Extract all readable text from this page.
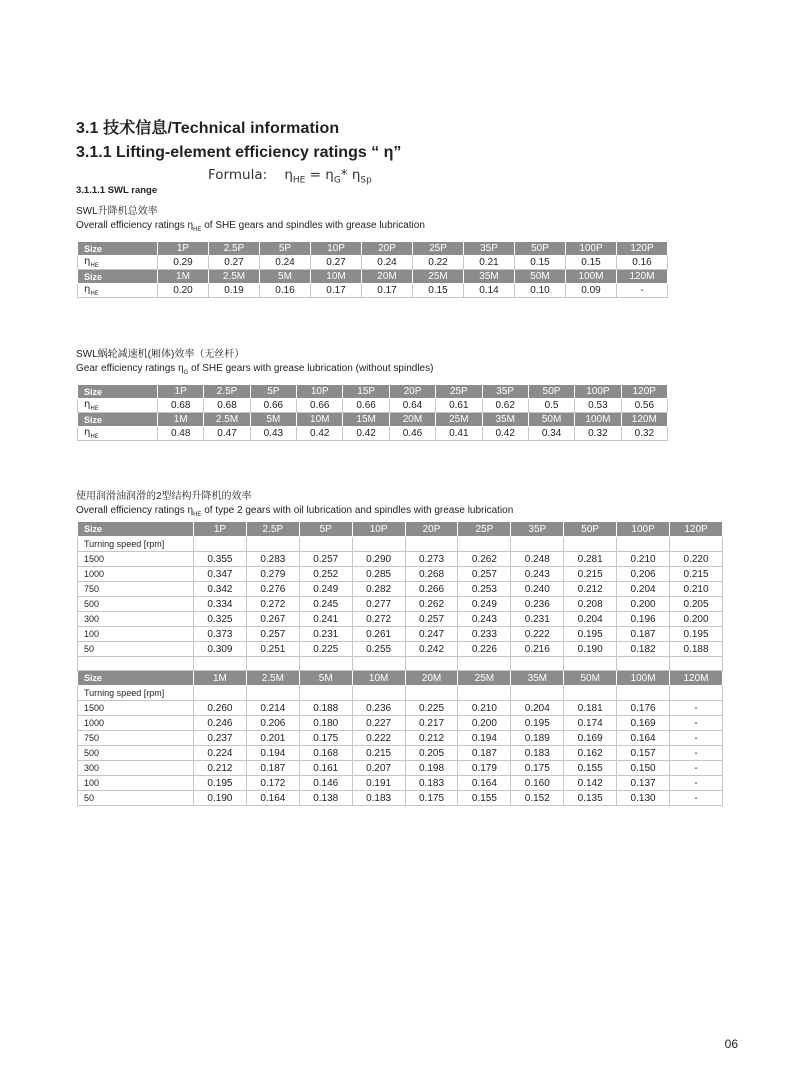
3.1 技术信息/Technical information
3.1.1 Lifting-element efficiency ratings “ η”
Formula: $\eta_{HE} = \eta_G*$ $\eta_{Sp}$
3.1.1.1 SWL range
SWL升降机总效率
Overall efficiency ratings $\eta_{HE}$ of SHE gears and spindles with grease lubrication
Size	1P	2.5P	5P	10P	20P	25P	35P	50P	100P	120P
$\eta_{HE}$	0.29	0.27	0.24	0.27	0.24	0.22	0.21	0.15	0.15	0.16
Size	1M	2.5M	5M	10M	20M	25M	35M	50M	100M	120M
$\eta_{HE}$	0.20	0.19	0.16	0.17	0.17	0.15	0.14	0.10	0.09	-
SWL蜗轮减速机(厢体)效率（无丝杆）
Gear efficiency ratings $\eta_G$ of SHE gears with grease lubrication (without spindles)
Size	1P	2.5P	5P	10P	15P	20P	25P	35P	50P	100P	120P
$\eta_{HE}$	0.68	0.68	0.66	0.66	0.66	0.64	0.61	0.62	0.5	0.53	0.56
Size	1M	2.5M	5M	10M	15M	20M	25M	35M	50M	100M	120M
$\eta_{HE}$	0.48	0.47	0.43	0.42	0.42	0.46	0.41	0.42	0.34	0.32	0.32
使用润滑油润滑的2型结构升降机的效率
Overall efficiency ratings $\eta_{HE}$ of type 2 gears with oil lubrication and spindles with grease lubrication
Size	1P	2.5P	5P	10P	20P	25P	35P	50P	100P	120P
Turning speed [rpm]										
1500	0.355	0.283	0.257	0.290	0.273	0.262	0.248	0.281	0.210	0.220
1000	0.347	0.279	0.252	0.285	0.268	0.257	0.243	0.215	0.206	0.215
750	0.342	0.276	0.249	0.282	0.266	0.253	0.240	0.212	0.204	0.210
500	0.334	0.272	0.245	0.277	0.262	0.249	0.236	0.208	0.200	0.205
300	0.325	0.267	0.241	0.272	0.257	0.243	0.231	0.204	0.196	0.200
100	0.373	0.257	0.231	0.261	0.247	0.233	0.222	0.195	0.187	0.195
50	0.309	0.251	0.225	0.255	0.242	0.226	0.216	0.190	0.182	0.188

Size	1M	2.5M	5M	10M	20M	25M	35M	50M	100M	120M
Turning speed [rpm]										
1500	0.260	0.214	0.188	0.236	0.225	0.210	0.204	0.181	0.176	-
1000	0.246	0.206	0.180	0.227	0.217	0.200	0.195	0.174	0.169	-
750	0.237	0.201	0.175	0.222	0.212	0.194	0.189	0.169	0.164	-
500	0.224	0.194	0.168	0.215	0.205	0.187	0.183	0.162	0.157	-
300	0.212	0.187	0.161	0.207	0.198	0.179	0.175	0.155	0.150	-
100	0.195	0.172	0.146	0.191	0.183	0.164	0.160	0.142	0.137	-
50	0.190	0.164	0.138	0.183	0.175	0.155	0.152	0.135	0.130	-
06
